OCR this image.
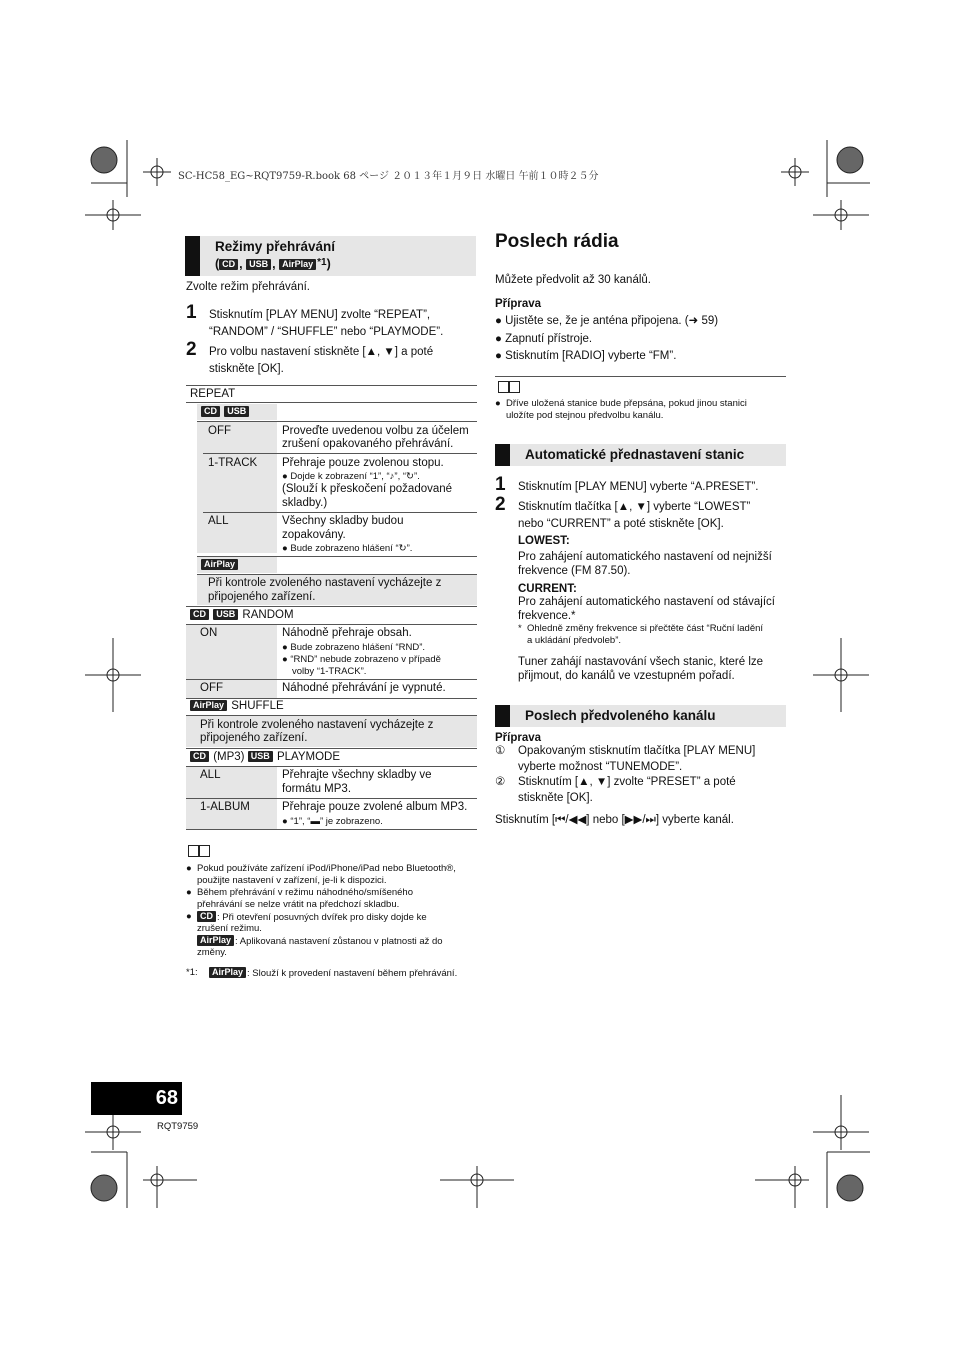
SC-HC58_EG~RQT9759-R.book 68 ページ ２０１３年１月９日 水曜日 午前１０時２５分
Režimy přehrávání
( CD , USB , AirPlay $^{*1}$)
Zvolte režim přehrávání.
1 Stisknutím [PLAY MENU] zvolte “REPEAT”,
“RANDOM” / “SHUFFLE” nebo “PLAYMODE”.
2 Pro volbu nastavení stiskněte [▲, ▼] a poté
stiskněte [OK].
REPEAT
CD USB
OFF	Proveďte uvedenou volbu za účelem
zrušení opakovaného přehrávání.
1-TRACK Přehraje pouze zvolenou stopu.
● Dojde k zobrazení “1”, “♪”, “↻”.
(Slouží k přeskočení požadované
skladby.)
ALL	Všechny skladby budou
zopakovány.
● Bude zobrazeno hlášení “↻”.
AirPlay
Při kontrole zvoleného nastavení vycházejte z
připojeného zařízení.
CD USB RANDOM
ON	Náhodně přehraje obsah.
● Bude zobrazeno hlášení “RND”.
● “RND” nebude zobrazeno v případě
volby “1-TRACK”.
OFF	Náhodné přehrávání je vypnuté.
AirPlay SHUFFLE
Při kontrole zvoleného nastavení vycházejte z
připojeného zařízení.
CD (MP3) USB PLAYMODE
ALL	Přehrajte všechny skladby ve
formátu MP3.
1-ALBUM	Přehraje pouze zvolené album MP3.
● “1”, “▬” je zobrazeno.
● Pokud používáte zařízení iPod/iPhone/iPad nebo Bluetooth®,
použijte nastavení v zařízení, je-li k dispozici.
● Během přehrávání v režimu náhodného/smíšeného
přehrávání se nelze vrátit na předchozí skladbu.
● CD : Při otevření posuvných dvířek pro disky dojde ke
zrušení režimu.
AirPlay : Aplikovaná nastavení zůstanou v platnosti až do
změny.
*1:	AirPlay : Slouží k provedení nastavení během přehrávání.
Poslech rádia
Můžete předvolit až 30 kanálů.
Příprava
● Ujistěte se, že je anténa připojena. (➜ 59)
● Zapnutí přístroje.
● Stisknutím [RADIO] vyberte “FM”.
● Dříve uložená stanice bude přepsána, pokud jinou stanici
uložíte pod stejnou předvolbu kanálu.
Automatické přednastavení stanic
1 Stisknutím [PLAY MENU] vyberte “A.PRESET”.
2 Stisknutím tlačítka [▲, ▼] vyberte “LOWEST”
nebo “CURRENT” a poté stiskněte [OK].
LOWEST:
Pro zahájení automatického nastavení od nejnižší
frekvence (FM 87.50).
CURRENT:
Pro zahájení automatického nastavení od stávající
frekvence.*
* Ohledně změny frekvence si přečtěte část “Ruční ladění
a ukládání předvoleb”.
Tuner zahájí nastavování všech stanic, které lze
přijmout, do kanálů ve vzestupném pořadí.
Poslech předvoleného kanálu
Příprava
① Opakovaným stisknutím tlačítka [PLAY MENU]
vyberte možnost “TUNEMODE”.
② Stisknutím [▲, ▼] zvolte “PRESET” a poté
stiskněte [OK].
Stisknutím [⏮/◀◀] nebo [▶▶/⏭] vyberte kanál.
68
RQT9759
